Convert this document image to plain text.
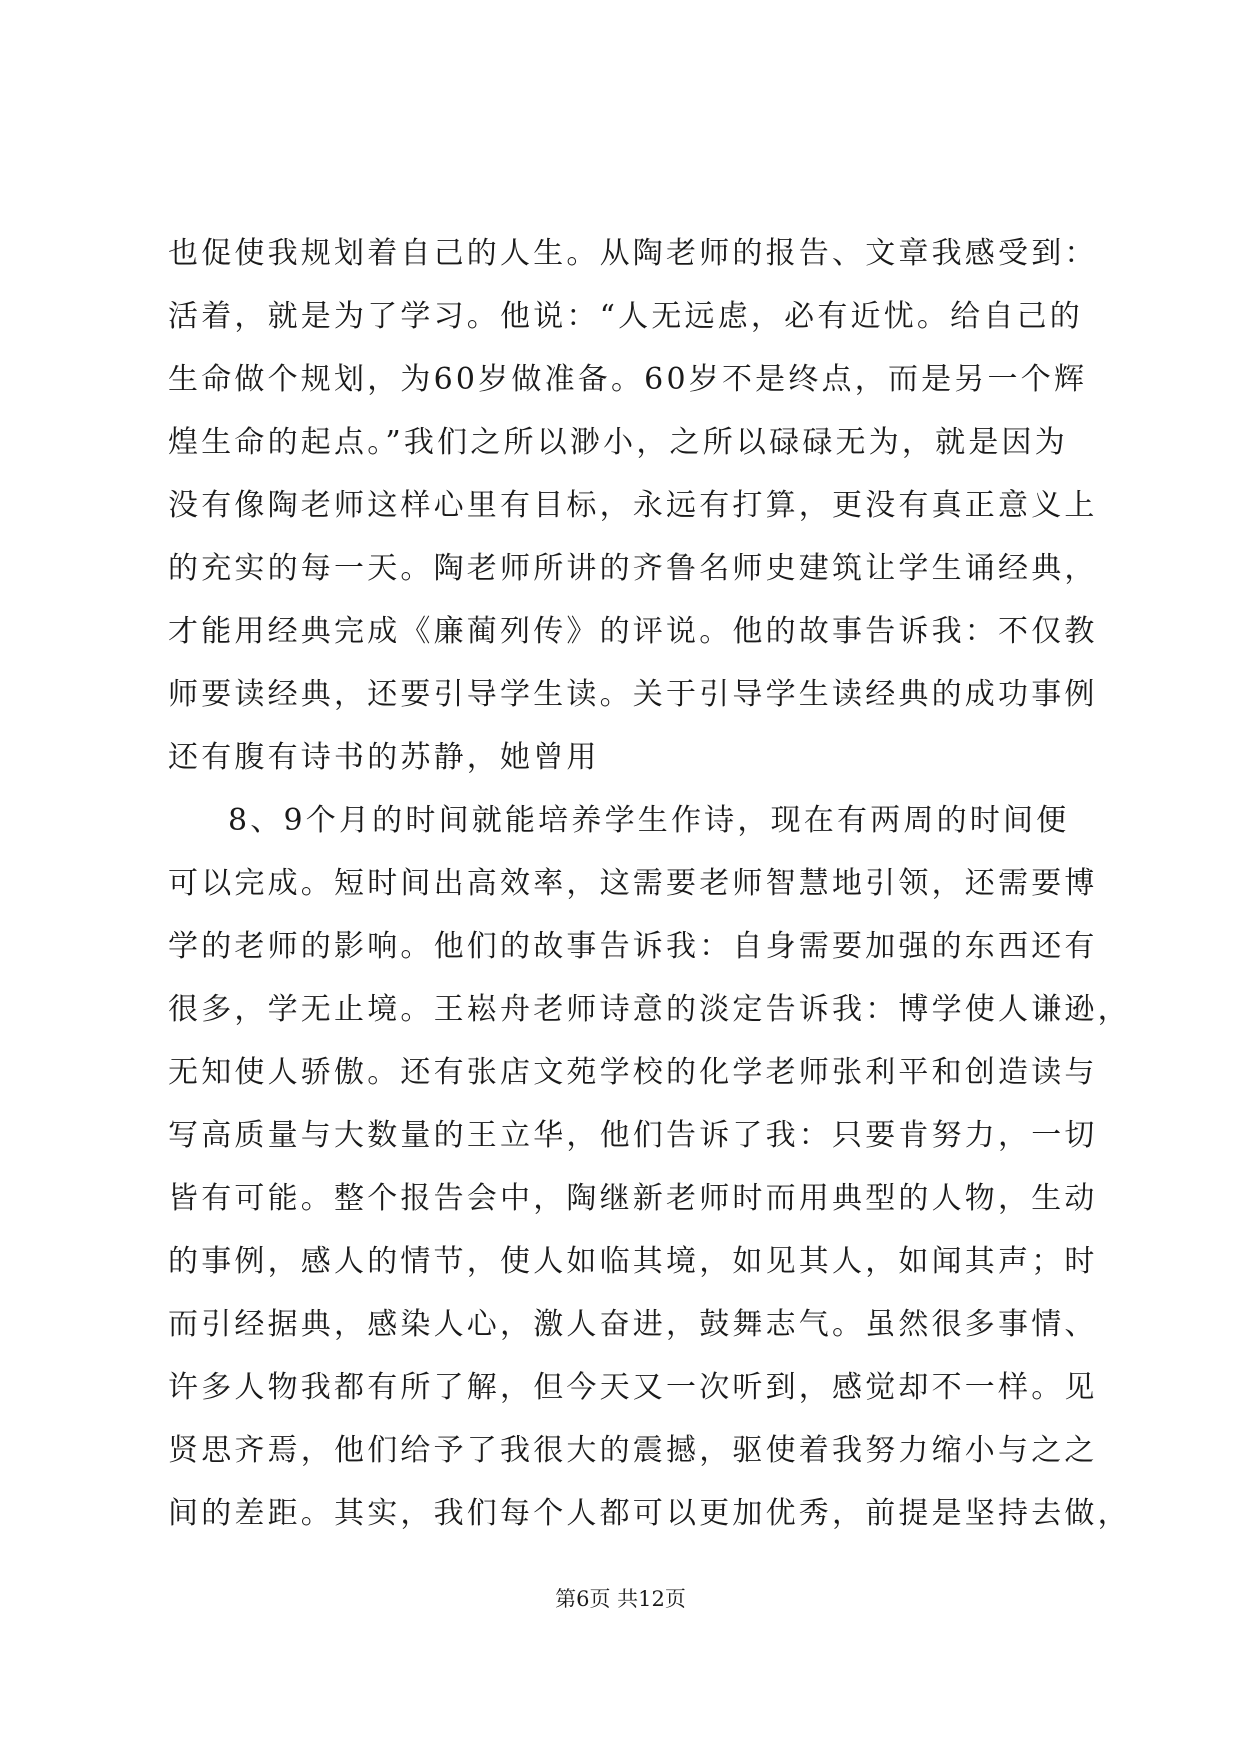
也促使我规划着自己的人生。从陶老师的报告、文章我感受到：
活着，就是为了学习。他说：“人无远虑，必有近忧。给自己的
生命做个规划，为60岁做准备。60岁不是终点，而是另一个辉
煌生命的起点。”我们之所以渺小，之所以碌碌无为，就是因为
没有像陶老师这样心里有目标，永远有打算，更没有真正意义上
的充实的每一天。陶老师所讲的齐鲁名师史建筑让学生诵经典，
才能用经典完成《廉蔺列传》的评说。他的故事告诉我：不仅教
师要读经典，还要引导学生读。关于引导学生读经典的成功事例
还有腹有诗书的苏静，她曾用
8、9个月的时间就能培养学生作诗，现在有两周的时间便
可以完成。短时间出高效率，这需要老师智慧地引领，还需要博
学的老师的影响。他们的故事告诉我：自身需要加强的东西还有
很多，学无止境。王崧舟老师诗意的淡定告诉我：博学使人谦逊，
无知使人骄傲。还有张店文苑学校的化学老师张利平和创造读与
写高质量与大数量的王立华，他们告诉了我：只要肯努力，一切
皆有可能。整个报告会中，陶继新老师时而用典型的人物，生动
的事例，感人的情节，使人如临其境，如见其人，如闻其声；时
而引经据典，感染人心，激人奋进，鼓舞志气。虽然很多事情、
许多人物我都有所了解，但今天又一次听到，感觉却不一样。见
贤思齐焉，他们给予了我很大的震撼，驱使着我努力缩小与之之
间的差距。其实，我们每个人都可以更加优秀，前提是坚持去做，
第6页 共12页
